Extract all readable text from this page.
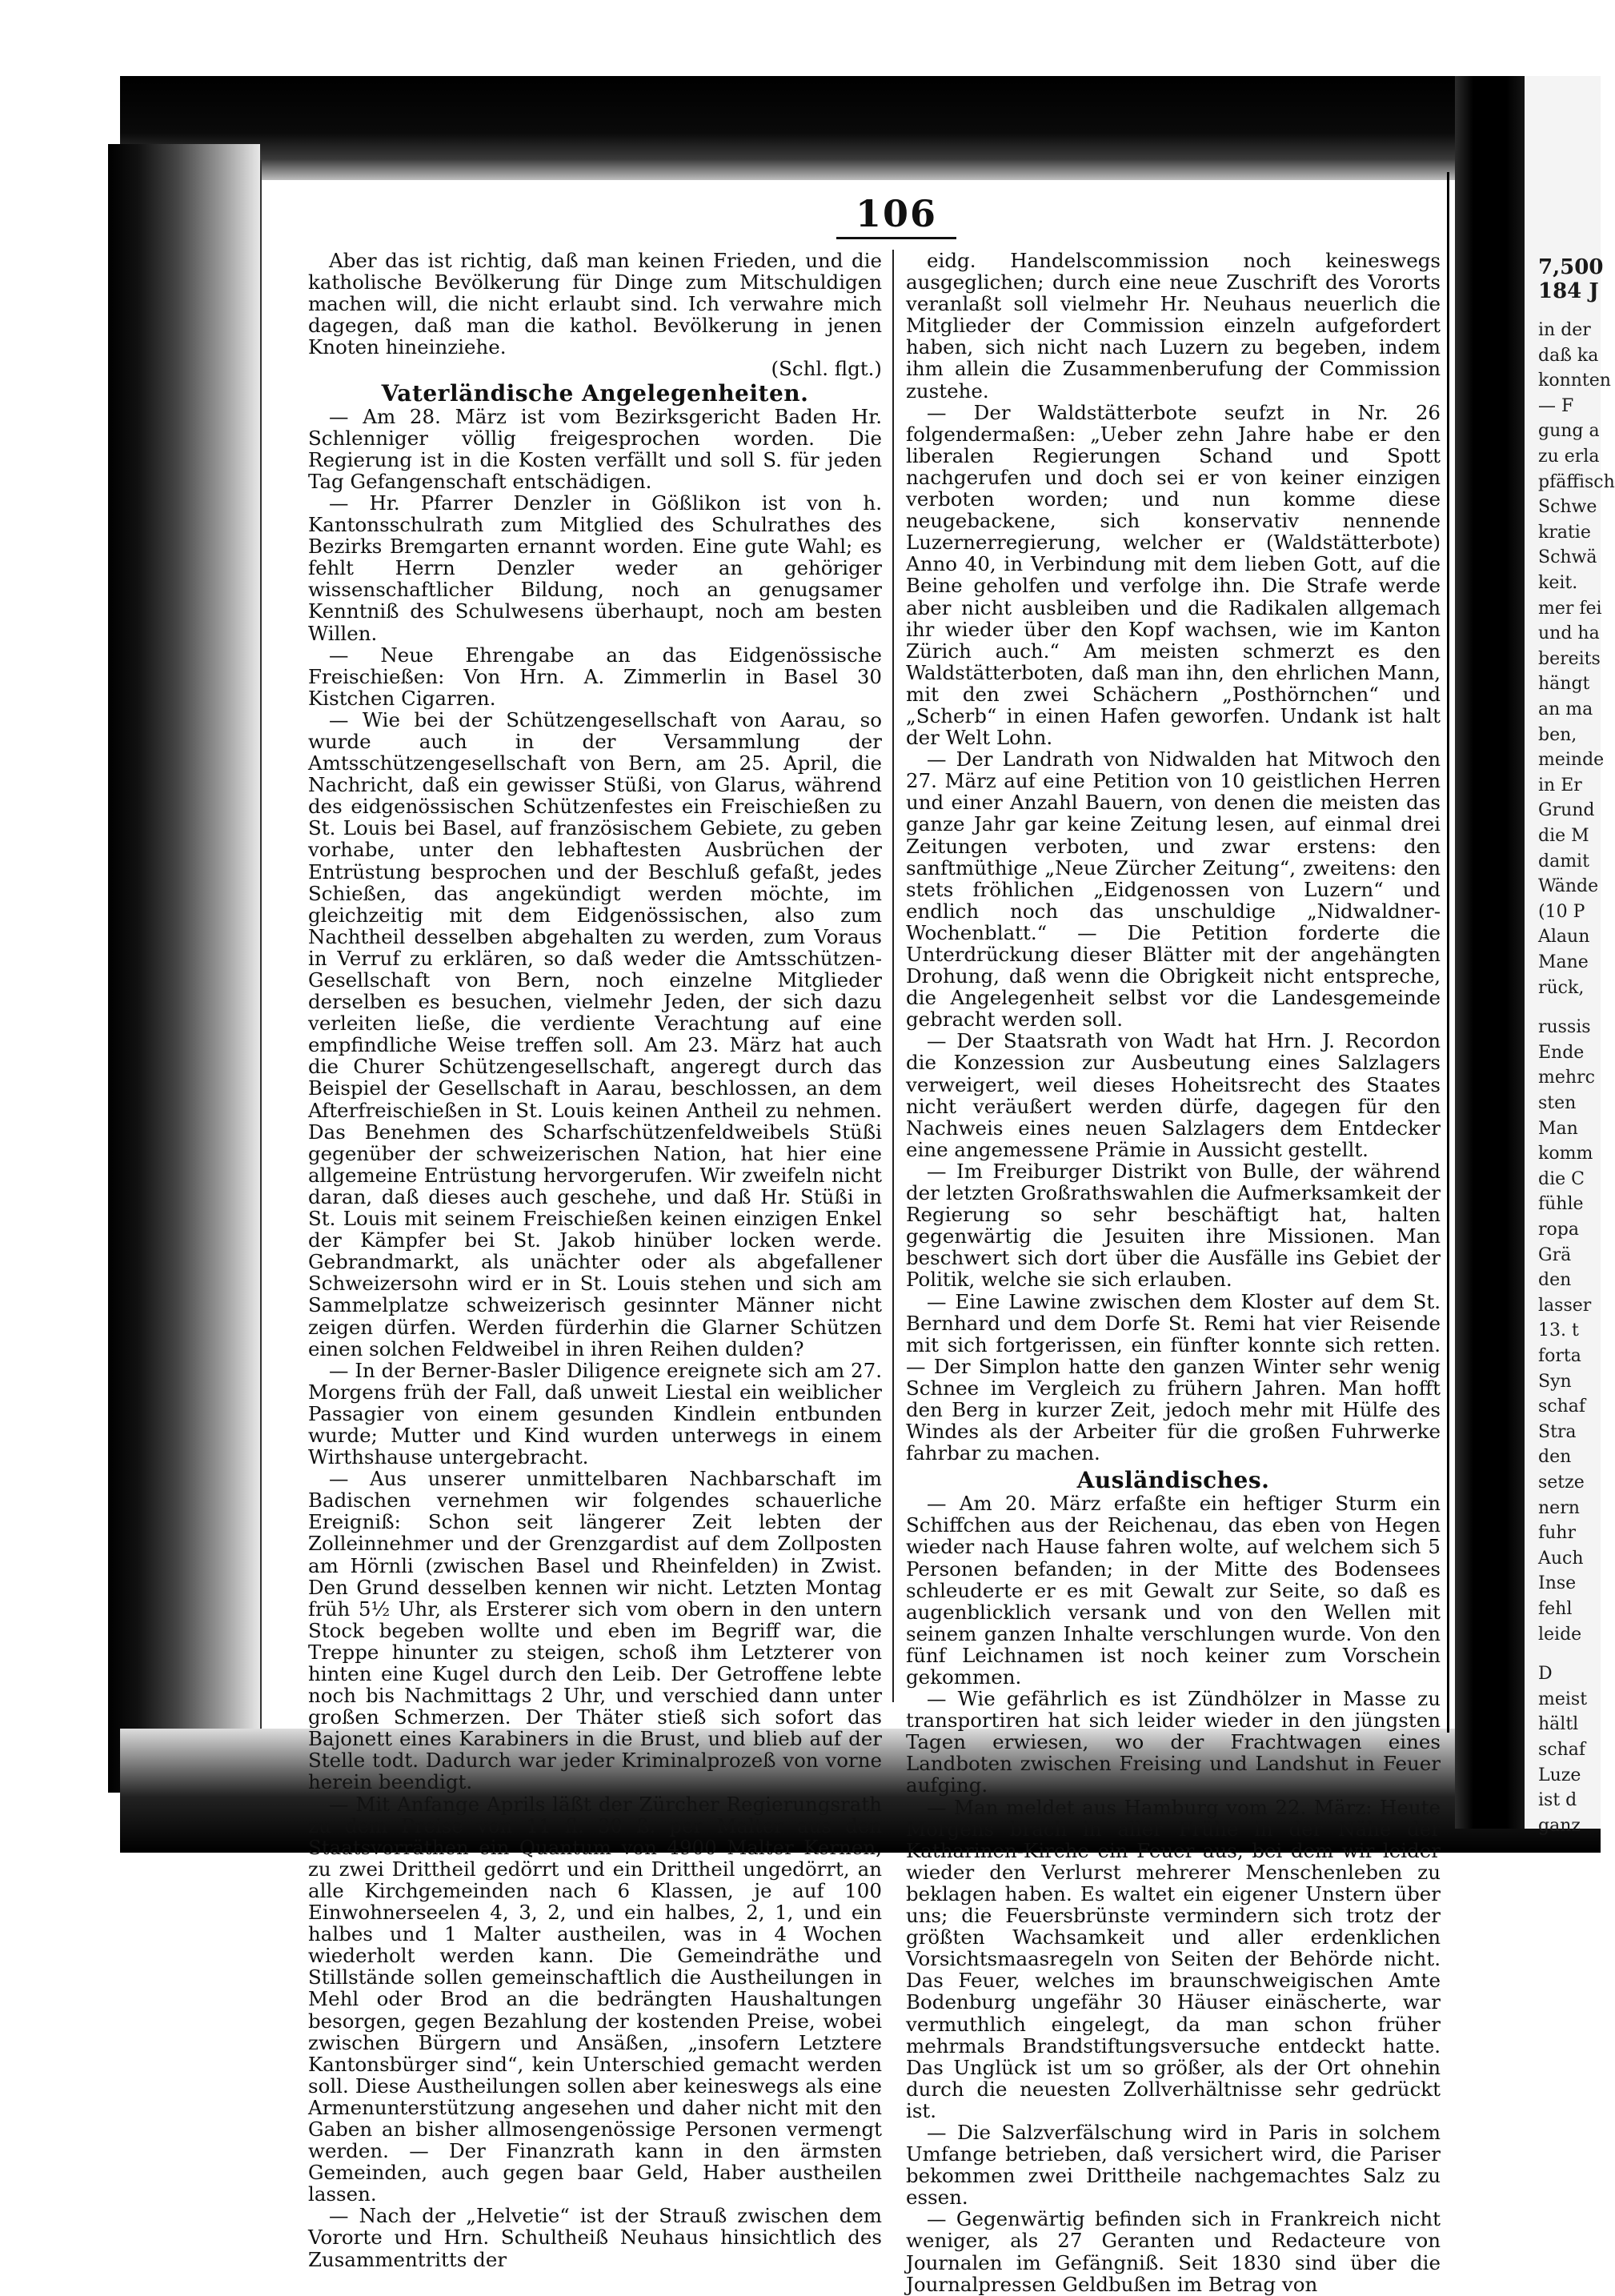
106

Aber das ist richtig, daß man keinen Frieden, und die katholische Bevölkerung für Dinge zum Mitschuldigen machen will, die nicht erlaubt sind. Ich verwahre mich dagegen, daß man die kathol. Bevölkerung in jenen Knoten hineinziehe.

(Schl. flgt.)

Vaterländische Angelegenheiten.

— Am 28. März ist vom Bezirksgericht Baden Hr. Schlenniger völlig freigesprochen worden. Die Regierung ist in die Kosten verfällt und soll S. für jeden Tag Gefangenschaft entschädigen.

— Hr. Pfarrer Denzler in Gößlikon ist von h. Kantonsschulrath zum Mitglied des Schulrathes des Bezirks Bremgarten ernannt worden. Eine gute Wahl; es fehlt Herrn Denzler weder an gehöriger wissenschaftlicher Bildung, noch an genugsamer Kenntniß des Schulwesens überhaupt, noch am besten Willen.

— Neue Ehrengabe an das Eidgenössische Freischießen: Von Hrn. A. Zimmerlin in Basel 30 Kistchen Cigarren.

— Wie bei der Schützengesellschaft von Aarau, so wurde auch in der Versammlung der Amtsschützengesellschaft von Bern, am 25. April, die Nachricht, daß ein gewisser Stüßi, von Glarus, während des eidgenössischen Schützenfestes ein Freischießen zu St. Louis bei Basel, auf französischem Gebiete, zu geben vorhabe, unter den lebhaftesten Ausbrüchen der Entrüstung besprochen und der Beschluß gefaßt, jedes Schießen, das angekündigt werden möchte, im gleichzeitig mit dem Eidgenössischen, also zum Nachtheil desselben abgehalten zu werden, zum Voraus in Verruf zu erklären, so daß weder die Amtsschützen-Gesellschaft von Bern, noch einzelne Mitglieder derselben es besuchen, vielmehr Jeden, der sich dazu verleiten ließe, die verdiente Verachtung auf eine empfindliche Weise treffen soll. Am 23. März hat auch die Churer Schützengesellschaft, angeregt durch das Beispiel der Gesellschaft in Aarau, beschlossen, an dem Afterfreischießen in St. Louis keinen Antheil zu nehmen. Das Benehmen des Scharfschützenfeldweibels Stüßi gegenüber der schweizerischen Nation, hat hier eine allgemeine Entrüstung hervorgerufen. Wir zweifeln nicht daran, daß dieses auch geschehe, und daß Hr. Stüßi in St. Louis mit seinem Freischießen keinen einzigen Enkel der Kämpfer bei St. Jakob hinüber locken werde. Gebrandmarkt, als unächter oder als abgefallener Schweizersohn wird er in St. Louis stehen und sich am Sammelplatze schweizerisch gesinnter Männer nicht zeigen dürfen. Werden fürderhin die Glarner Schützen einen solchen Feldweibel in ihren Reihen dulden?

— In der Berner-Basler Diligence ereignete sich am 27. Morgens früh der Fall, daß unweit Liestal ein weiblicher Passagier von einem gesunden Kindlein entbunden wurde; Mutter und Kind wurden unterwegs in einem Wirthshause untergebracht.

— Aus unserer unmittelbaren Nachbarschaft im Badischen vernehmen wir folgendes schauerliche Ereigniß: Schon seit längerer Zeit lebten der Zolleinnehmer und der Grenzgardist auf dem Zollposten am Hörnli (zwischen Basel und Rheinfelden) in Zwist. Den Grund desselben kennen wir nicht. Letzten Montag früh 5½ Uhr, als Ersterer sich vom obern in den untern Stock begeben wollte und eben im Begriff war, die Treppe hinunter zu steigen, schoß ihm Letzterer von hinten eine Kugel durch den Leib. Der Getroffene lebte noch bis Nachmittags 2 Uhr, und verschied dann unter großen Schmerzen. Der Thäter stieß sich sofort das Bajonett eines Karabiners in die Brust, und blieb auf der Stelle todt. Dadurch war jeder Kriminalprozeß von vorne herein beendigt.

— Mit Anfange Aprils läßt der Zürcher Regierungsrath zu dem Preise von 11 fl. 30 ß. per Malter aus den Staatsvorräthen ein Quantum von 4900 Malter Kernen, zu zwei Drittheil gedörrt und ein Drittheil ungedörrt, an alle Kirchgemeinden nach 6 Klassen, je auf 100 Einwohnerseelen 4, 3, 2, und ein halbes, 2, 1, und ein halbes und 1 Malter austheilen, was in 4 Wochen wiederholt werden kann. Die Gemeindräthe und Stillstände sollen gemeinschaftlich die Austheilungen in Mehl oder Brod an die bedrängten Haushaltungen besorgen, gegen Bezahlung der kostenden Preise, wobei zwischen Bürgern und Ansäßen, „insofern Letztere Kantonsbürger sind“, kein Unterschied gemacht werden soll. Diese Austheilungen sollen aber keineswegs als eine Armenunterstützung angesehen und daher nicht mit den Gaben an bisher allmosengenössige Personen vermengt werden. — Der Finanzrath kann in den ärmsten Gemeinden, auch gegen baar Geld, Haber austheilen lassen.

— Nach der „Helvetie“ ist der Strauß zwischen dem Vororte und Hrn. Schultheiß Neuhaus hinsichtlich des Zusammentritts der

eidg. Handelscommission noch keineswegs ausgeglichen; durch eine neue Zuschrift des Vororts veranlaßt soll vielmehr Hr. Neuhaus neuerlich die Mitglieder der Commission einzeln aufgefordert haben, sich nicht nach Luzern zu begeben, indem ihm allein die Zusammenberufung der Commission zustehe.

— Der Waldstätterbote seufzt in Nr. 26 folgendermaßen: „Ueber zehn Jahre habe er den liberalen Regierungen Schand und Spott nachgerufen und doch sei er von keiner einzigen verboten worden; und nun komme diese neugebackene, sich konservativ nennende Luzernerregierung, welcher er (Waldstätterbote) Anno 40, in Verbindung mit dem lieben Gott, auf die Beine geholfen und verfolge ihn. Die Strafe werde aber nicht ausbleiben und die Radikalen allgemach ihr wieder über den Kopf wachsen, wie im Kanton Zürich auch.“ Am meisten schmerzt es den Waldstätterboten, daß man ihn, den ehrlichen Mann, mit den zwei Schächern „Posthörnchen“ und „Scherb“ in einen Hafen geworfen. Undank ist halt der Welt Lohn.

— Der Landrath von Nidwalden hat Mitwoch den 27. März auf eine Petition von 10 geistlichen Herren und einer Anzahl Bauern, von denen die meisten das ganze Jahr gar keine Zeitung lesen, auf einmal drei Zeitungen verboten, und zwar erstens: den sanftmüthige „Neue Zürcher Zeitung“, zweitens: den stets fröhlichen „Eidgenossen von Luzern“ und endlich noch das unschuldige „Nidwaldner-Wochenblatt.“ — Die Petition forderte die Unterdrückung dieser Blätter mit der angehängten Drohung, daß wenn die Obrigkeit nicht entspreche, die Angelegenheit selbst vor die Landesgemeinde gebracht werden soll.

— Der Staatsrath von Wadt hat Hrn. J. Recordon die Konzession zur Ausbeutung eines Salzlagers verweigert, weil dieses Hoheitsrecht des Staates nicht veräußert werden dürfe, dagegen für den Nachweis eines neuen Salzlagers dem Entdecker eine angemessene Prämie in Aussicht gestellt.

— Im Freiburger Distrikt von Bulle, der während der letzten Großrathswahlen die Aufmerksamkeit der Regierung so sehr beschäftigt hat, halten gegenwärtig die Jesuiten ihre Missionen. Man beschwert sich dort über die Ausfälle ins Gebiet der Politik, welche sie sich erlauben.

— Eine Lawine zwischen dem Kloster auf dem St. Bernhard und dem Dorfe St. Remi hat vier Reisende mit sich fortgerissen, ein fünfter konnte sich retten. — Der Simplon hatte den ganzen Winter sehr wenig Schnee im Vergleich zu frühern Jahren. Man hofft den Berg in kurzer Zeit, jedoch mehr mit Hülfe des Windes als der Arbeiter für die großen Fuhrwerke fahrbar zu machen.

Ausländisches.

— Am 20. März erfaßte ein heftiger Sturm ein Schiffchen aus der Reichenau, das eben von Hegen wieder nach Hause fahren wolte, auf welchem sich 5 Personen befanden; in der Mitte des Bodensees schleuderte er es mit Gewalt zur Seite, so daß es augenblicklich versank und von den Wellen mit seinem ganzen Inhalte verschlungen wurde. Von den fünf Leichnamen ist noch keiner zum Vorschein gekommen.

— Wie gefährlich es ist Zündhölzer in Masse zu transportiren hat sich leider wieder in den jüngsten Tagen erwiesen, wo der Frachtwagen eines Landboten zwischen Freising und Landshut in Feuer aufging.

— Man meldet aus Hamburg vom 22. März: Heute Morgens brach in aller Frühe in der Nähe der Katharinen-Kirche ein Feuer aus, bei dem wir leider wieder den Verlurst mehrerer Menschenleben zu beklagen haben. Es waltet ein eigener Unstern über uns; die Feuersbrünste vermindern sich trotz der größten Wachsamkeit und aller erdenklichen Vorsichtsmaasregeln von Seiten der Behörde nicht. Das Feuer, welches im braunschweigischen Amte Bodenburg ungefähr 30 Häuser einäscherte, war vermuthlich eingelegt, da man schon früher mehrmals Brandstiftungsversuche entdeckt hatte. Das Unglück ist um so größer, als der Ort ohnehin durch die neuesten Zollverhältnisse sehr gedrückt ist.

— Die Salzverfälschung wird in Paris in solchem Umfange betrieben, daß versichert wird, die Pariser bekommen zwei Drittheile nachgemachtes Salz zu essen.

— Gegenwärtig befinden sich in Frankreich nicht weniger, als 27 Geranten und Redacteure von Journalen im Gefängniß. Seit 1830 sind über die Journalpressen Geldbußen im Betrag von

7,500
184 J
in der
daß ka
konnten
— F
gung a
zu erla
pfäffisch
Schwe
kratie
Schwä
keit.
mer fei
und ha
bereits
hängt
an ma
ben,
meinde
in Er
Grund
die M
damit
Wände
(10 P
Alaun
Mane
rück,
russis
Ende
mehrc
sten
Man
komm
die C
fühle
ropa
Grä
den
lasser
13. t
forta
Syn
schaf
Stra
den
setze
nern
fuhr
Auch
Inse
fehl
leide
D
meist
hältl
schaf
Luze
ist d
ganz
